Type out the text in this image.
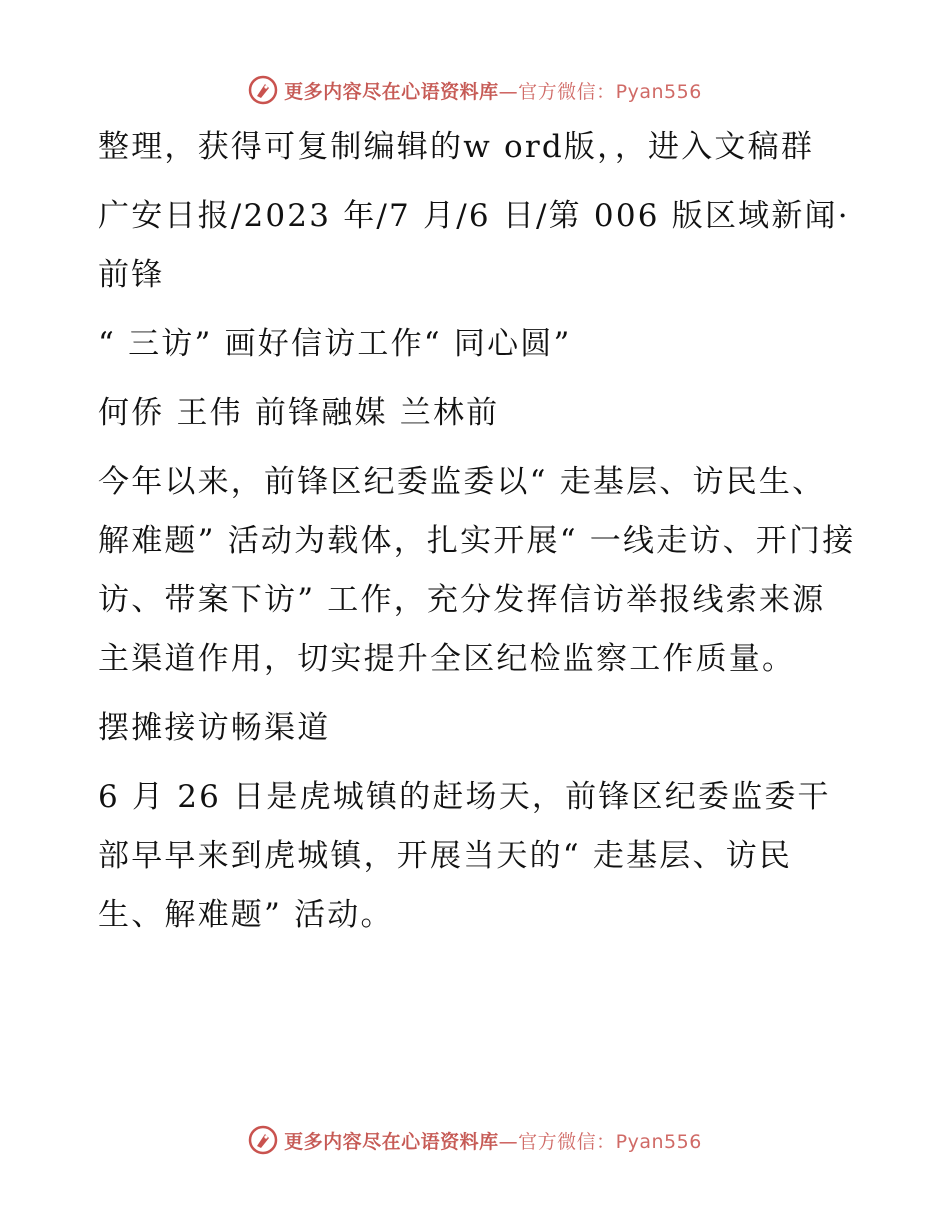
更多内容尽在心语资料库—官方微信：Pyan556

整理，获得可复制编辑的w ord版，，进入文稿群

广安日报/2023 年/7 月/6 日/第 006 版区域新闻· 前锋

“ 三访” 画好信访工作“ 同心圆”

何侨 王伟 前锋融媒 兰林前

今年以来，前锋区纪委监委以“ 走基层、访民生、解难题” 活动为载体，扎实开展“ 一线走访、开门接访、带案下访” 工作，充分发挥信访举报线索来源主渠道作用，切实提升全区纪检监察工作质量。

摆摊接访畅渠道

6 月 26 日是虎城镇的赶场天，前锋区纪委监委干部早早来到虎城镇，开展当天的“ 走基层、访民生、解难题” 活动。

更多内容尽在心语资料库—官方微信：Pyan556
